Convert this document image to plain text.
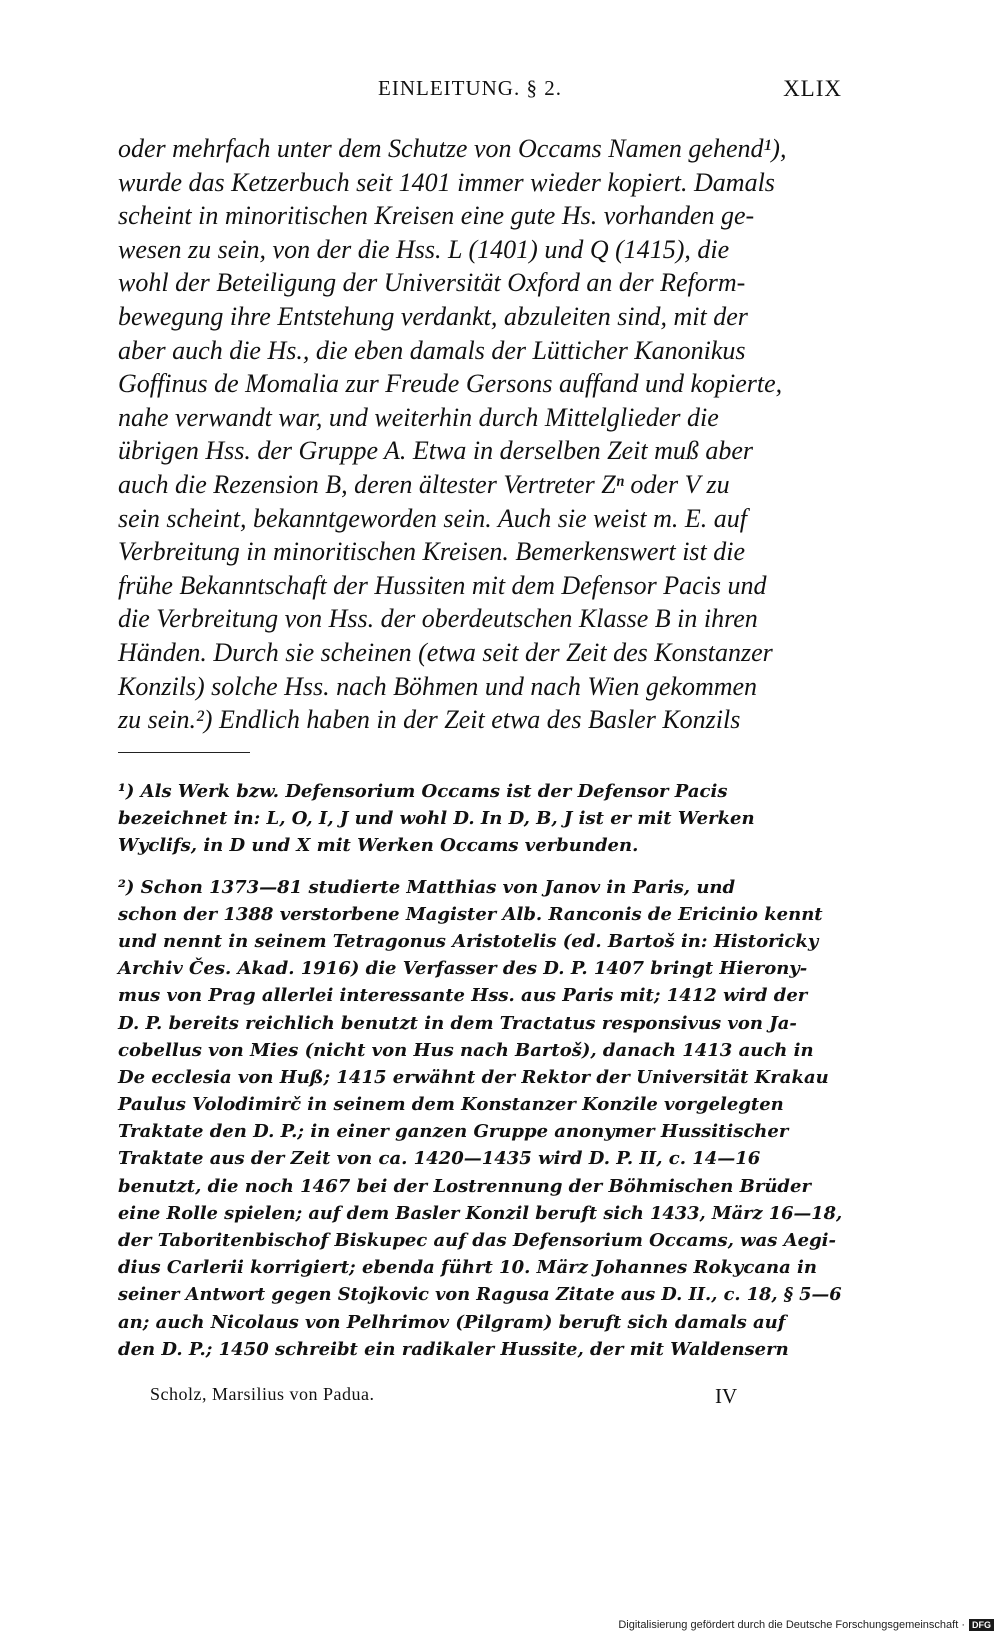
EINLEITUNG. § 2.	XLIX
oder mehrfach unter dem Schutze von Occams Namen gehend¹),
wurde das Ketzerbuch seit 1401 immer wieder kopiert. Damals
scheint in minoritischen Kreisen eine gute Hs. vorhanden ge-
wesen zu sein, von der die Hss. L (1401) und Q (1415), die
wohl der Beteiligung der Universität Oxford an der Reform-
bewegung ihre Entstehung verdankt, abzuleiten sind, mit der
aber auch die Hs., die eben damals der Lütticher Kanonikus
Goffinus de Momalia zur Freude Gersons auffand und kopierte,
nahe verwandt war, und weiterhin durch Mittelglieder die
übrigen Hss. der Gruppe A. Etwa in derselben Zeit muß aber
auch die Rezension B, deren ältester Vertreter Zⁿ oder V zu
sein scheint, bekanntgeworden sein. Auch sie weist m. E. auf
Verbreitung in minoritischen Kreisen. Bemerkenswert ist die
frühe Bekanntschaft der Hussiten mit dem Defensor Pacis und
die Verbreitung von Hss. der oberdeutschen Klasse B in ihren
Händen. Durch sie scheinen (etwa seit der Zeit des Konstanzer
Konzils) solche Hss. nach Böhmen und nach Wien gekommen
zu sein.²) Endlich haben in der Zeit etwa des Basler Konzils
¹) Als Werk bzw. Defensorium Occams ist der Defensor Pacis
bezeichnet in: L, O, I, J und wohl D. In D, B, J ist er mit Werken
Wyclifs, in D und X mit Werken Occams verbunden.
²) Schon 1373—81 studierte Matthias von Janov in Paris, und
schon der 1388 verstorbene Magister Alb. Ranconis de Ericinio kennt
und nennt in seinem Tetragonus Aristotelis (ed. Bartoš in: Historicky
Archiv Čes. Akad. 1916) die Verfasser des D. P. 1407 bringt Hierony-
mus von Prag allerlei interessante Hss. aus Paris mit; 1412 wird der
D. P. bereits reichlich benutzt in dem Tractatus responsivus von Ja-
cobellus von Mies (nicht von Hus nach Bartoš), danach 1413 auch in
De ecclesia von Huß; 1415 erwähnt der Rektor der Universität Krakau
Paulus Volodimirč in seinem dem Konstanzer Konzile vorgelegten
Traktate den D. P.; in einer ganzen Gruppe anonymer Hussitischer
Traktate aus der Zeit von ca. 1420—1435 wird D. P. II, c. 14—16
benutzt, die noch 1467 bei der Lostrennung der Böhmischen Brüder
eine Rolle spielen; auf dem Basler Konzil beruft sich 1433, März 16—18,
der Taboritenbischof Biskupec auf das Defensorium Occams, was Aegi-
dius Carlerii korrigiert; ebenda führt 10. März Johannes Rokycana in
seiner Antwort gegen Stojkovic von Ragusa Zitate aus D. II., c. 18, § 5—6
an; auch Nicolaus von Pelhrimov (Pilgram) beruft sich damals auf
den D. P.; 1450 schreibt ein radikaler Hussite, der mit Waldensern
Scholz, Marsilius von Padua.	IV
Digitalisierung gefördert durch die Deutsche Forschungsgemeinschaft · DFG
